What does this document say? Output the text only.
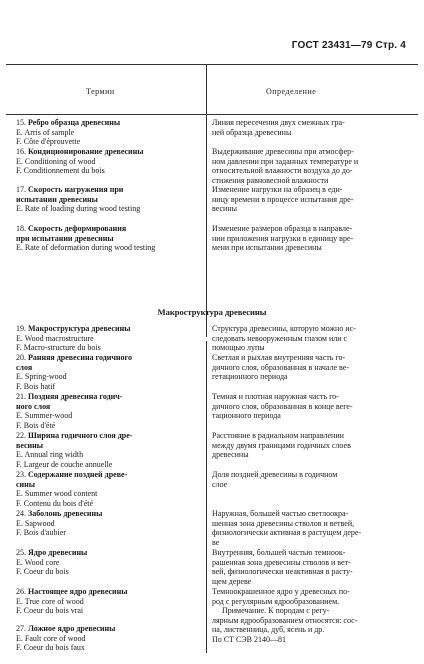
ГОСТ 23431—79 Стр. 4
Термин	Определение
15. Ребро образца древесины
E. Arris of sample
F. Côte d'éprouvette
Линия пересечения двух смежных гра-
ней образца древесины
16. Кондиционирование древесины
E. Conditioning of wood
F. Conditionnement du bois
Выдерживание древесины при атмосфер-
ном давлении при заданных температуре и
относительной влажности воздуха до до-
стижения равновесной влажности
17. Скорость нагружения при
испытании древесины
E. Rate of loading during wood testing
Изменение нагрузки на образец в еди-
ницу времени в процессе испытания дре-
весины
18. Скорость деформирования
при испытании древесины
E. Rate of deformation during wood testing
Изменение размеров образца в направле-
нии приложения нагрузки в единицу вре-
мени при испытании древесины
Макроструктура древесины
19. Макроструктура древесины
E. Wood macrostructure
F. Macro-structure du bois
Структура древесины, которую можно ис-
следовать невооруженным глазом или с
помощью лупы
20. Ранняя древесина годичного
слоя
E. Spring-wood
F. Bois hatif
Светлая и рыхлая внутренняя часть го-
дичного слоя, образованная в начале ве-
гетационного периода
21. Поздняя древесина годич-
ного слоя
E. Summer-wood
F. Bois d'été
Темная и плотная наружная часть го-
дичного слоя, образованная в конце веге-
тационного периода
22. Ширина годичного слоя дре-
весины
E. Annual ring width
F. Largeur de couche annuelle
Расстояние в радиальном направлении
между двумя границами годичных слоев
древесины
23. Содержание поздней древе-
сины
E. Summer wood content
F. Contenu du bois d'été
Доля поздней древесины в годичном
слое
24. Заболонь древесины
E. Sapwood
F. Bois d'aubier
Наружная, большей частью светлоокра-
шенная зона древесины стволов и ветвей,
физиологически активная в растущем дере-
ве
25. Ядро древесины
E. Wood core
F. Coeur du bois
Внутренняя, большей частью темноок-
рашенная зона древесины стволов и вет-
вей, физиологически неактивная в расту-
щем дереве
26. Настоящее ядро древесины
E. True core of wood
F. Coeur du bois vrai
Темноокрашенное ядро у древесных по-
род с регулярным ядрообразованием.
Примечание. К породам с регу-
лярным ядрообразованием относятся: сос-
на, лиственница, дуб, ясень и др.
По СТ СЭВ 2140—81
27. Ложное ядро древесины
E. Fault core of wood
F. Coeur du bois faux
